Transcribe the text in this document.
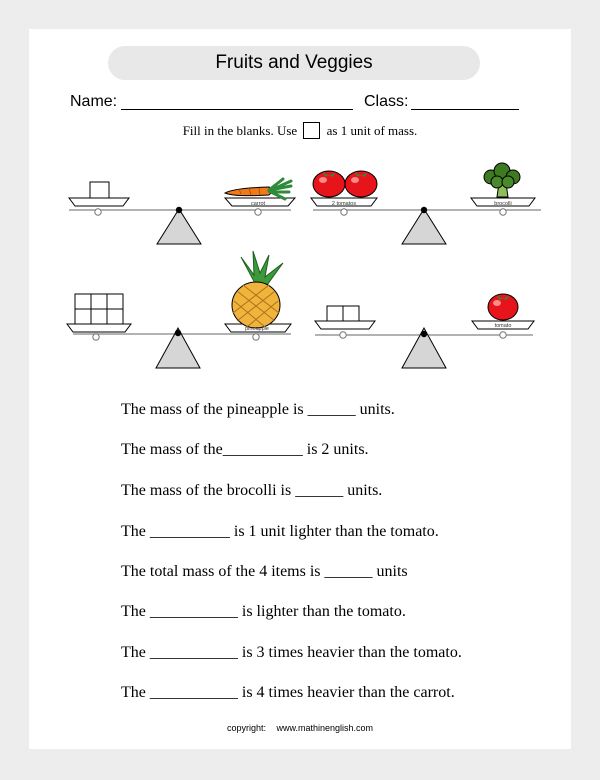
Fruits and Veggies
Name:	Class:
Fill in the blanks. Use as 1 unit of mass.
carrot	2 tomatos	brocolli
pineapple	tomato
The mass of the pineapple is ______ units.
The mass of the__________ is 2 units.
The mass of the brocolli is ______ units.
The __________ is 1 unit lighter than the tomato.
The total mass of the 4 items is ______ units
The ___________ is lighter than the tomato.
The ___________ is 3 times heavier than the tomato.
The ___________ is 4 times heavier than the carrot.
copyright: www.mathinenglish.com
